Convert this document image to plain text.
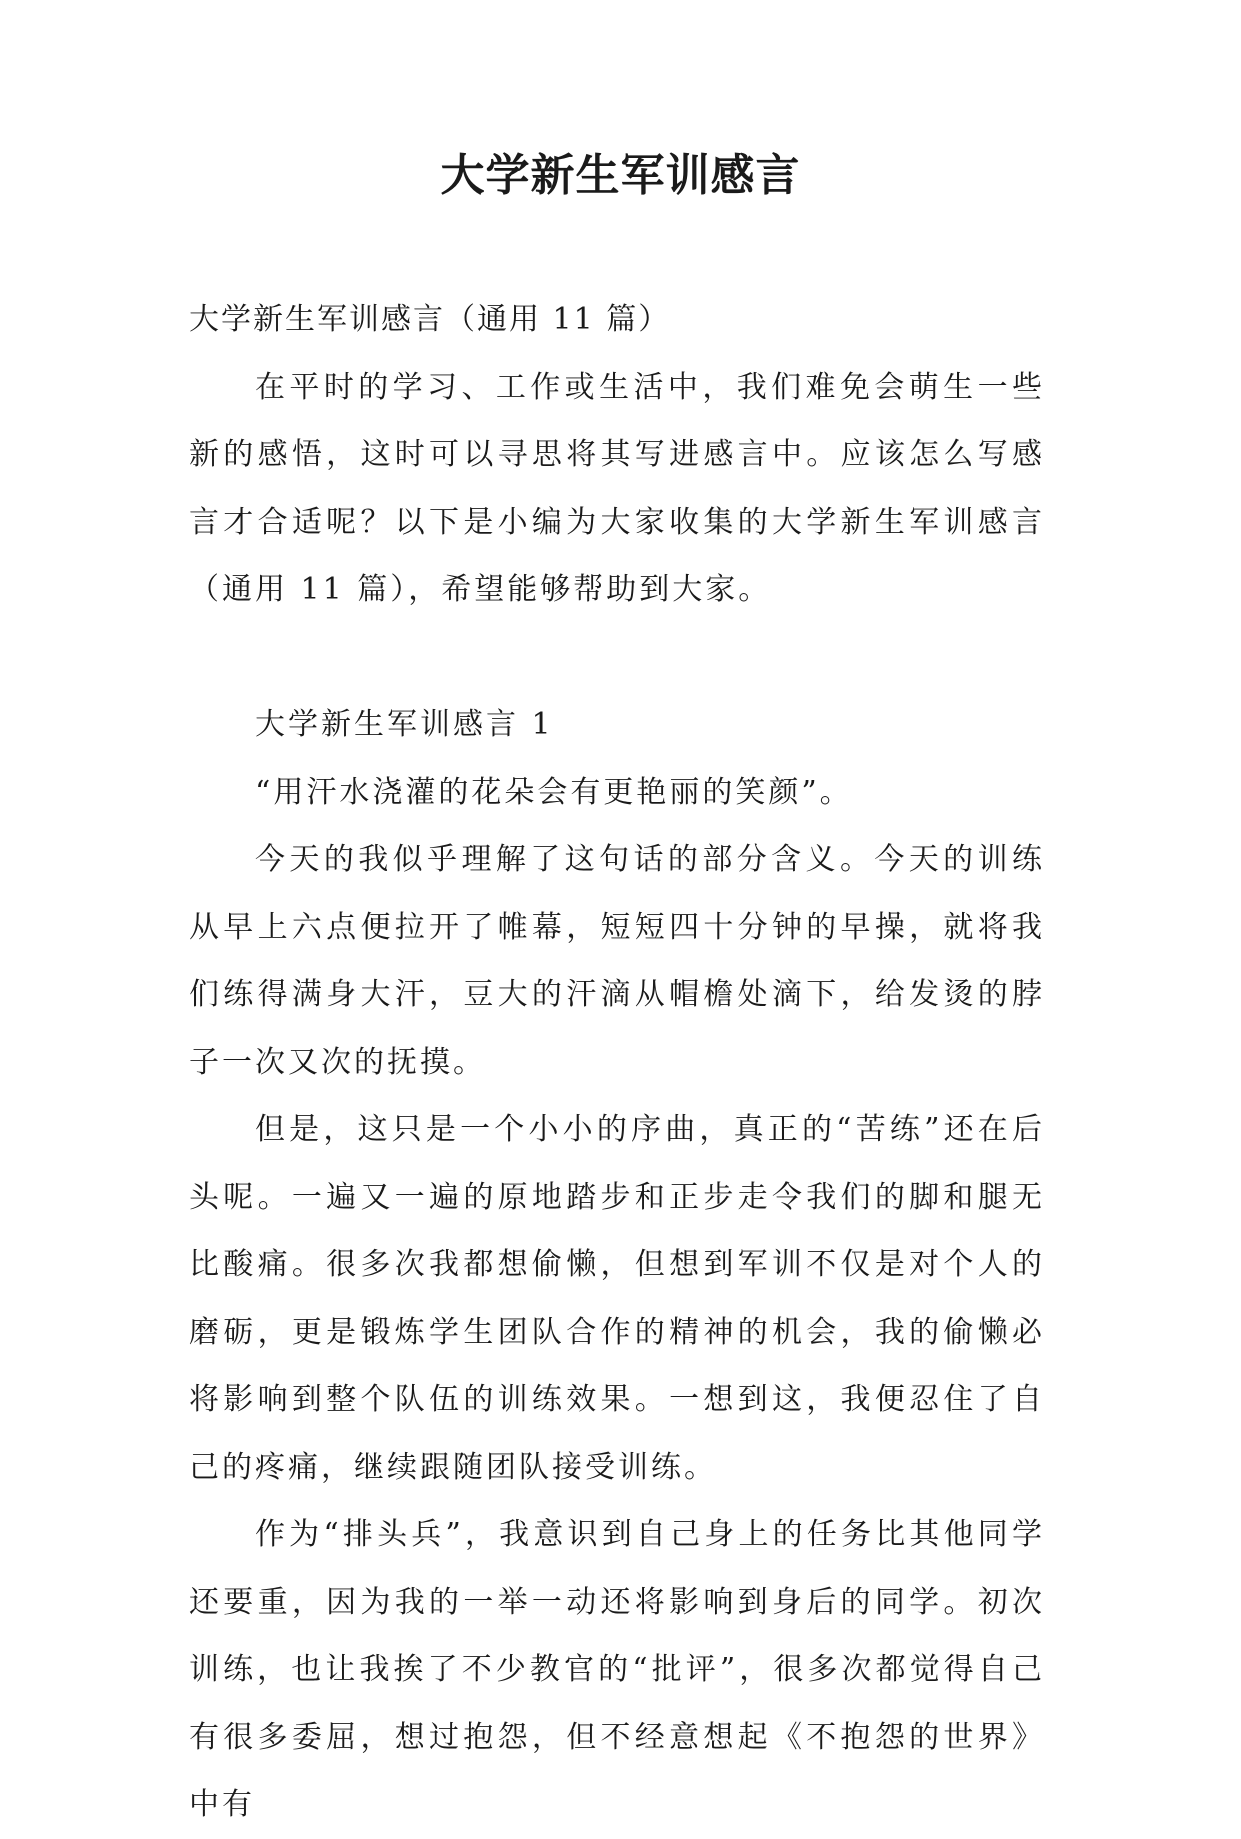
大学新生军训感言

大学新生军训感言（通用 11 篇）

在平时的学习、工作或生活中，我们难免会萌生一些新的感悟，这时可以寻思将其写进感言中。应该怎么写感言才合适呢？以下是小编为大家收集的大学新生军训感言（通用 11 篇），希望能够帮助到大家。

大学新生军训感言 1

“用汗水浇灌的花朵会有更艳丽的笑颜”。

今天的我似乎理解了这句话的部分含义。今天的训练从早上六点便拉开了帷幕，短短四十分钟的早操，就将我们练得满身大汗，豆大的汗滴从帽檐处滴下，给发烫的脖子一次又次的抚摸。

但是，这只是一个小小的序曲，真正的“苦练”还在后头呢。一遍又一遍的原地踏步和正步走令我们的脚和腿无比酸痛。很多次我都想偷懒，但想到军训不仅是对个人的磨砺，更是锻炼学生团队合作的精神的机会，我的偷懒必将影响到整个队伍的训练效果。一想到这，我便忍住了自己的疼痛，继续跟随团队接受训练。

作为“排头兵”，我意识到自己身上的任务比其他同学还要重，因为我的一举一动还将影响到身后的同学。初次训练，也让我挨了不少教官的“批评”，很多次都觉得自己有很多委屈，想过抱怨，但不经意想起《不抱怨的世界》中有
